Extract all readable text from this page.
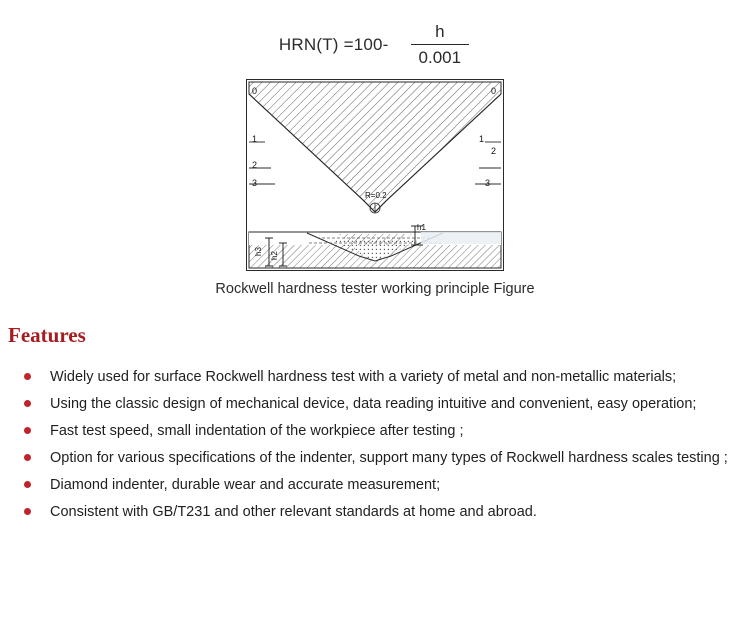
$HRN(T) =100- \frac{h}{0.001}$
R=0.2
h1
h3 h2
0	0
1
2
3
1
2
3
Rockwell hardness tester working principle Figure
Features
Widely used for surface Rockwell hardness test with a variety of metal and non-metallic materials;
Using the classic design of mechanical device, data reading intuitive and convenient, easy operation;
Fast test speed, small indentation of the workpiece after testing ;
Option for various specifications of the indenter, support many types of Rockwell hardness scales testing ;
Diamond indenter, durable wear and accurate measurement;
Consistent with GB/T231 and other relevant standards at home and abroad.
